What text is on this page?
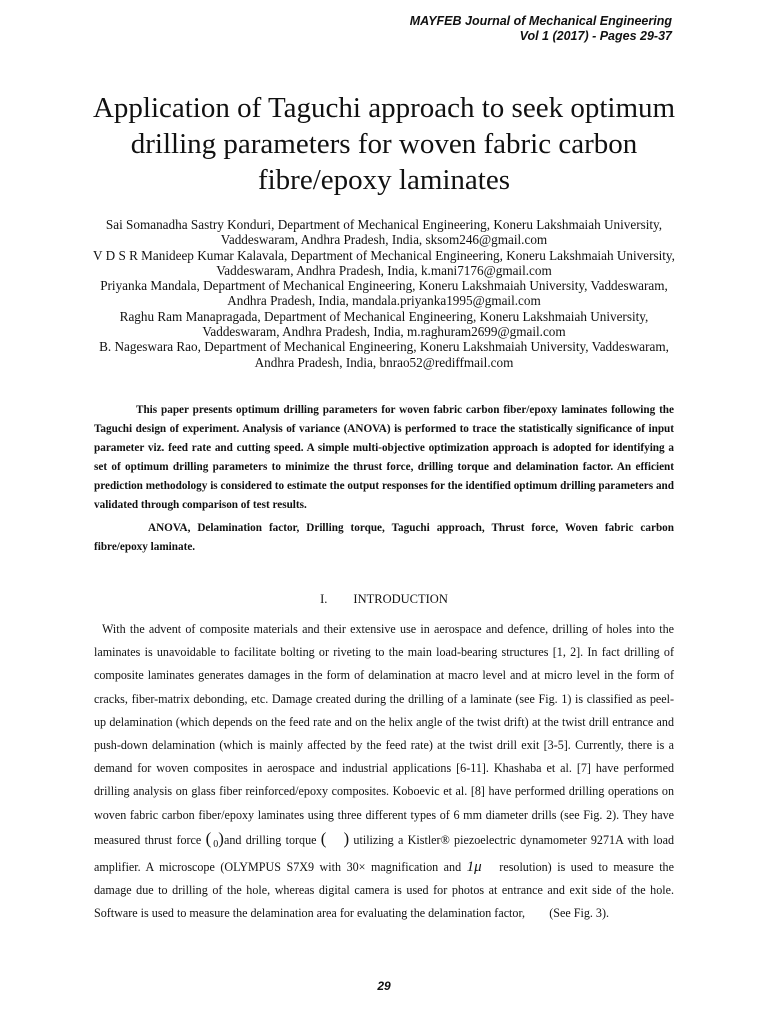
MAYFEB Journal of Mechanical Engineering
Vol 1 (2017) - Pages 29-37
Application of Taguchi approach to seek optimum drilling parameters for woven fabric carbon fibre/epoxy laminates
Sai Somanadha Sastry Konduri, Department of Mechanical Engineering, Koneru Lakshmaiah University, Vaddeswaram, Andhra Pradesh, India, sksom246@gmail.com
V D S R Manideep Kumar Kalavala, Department of Mechanical Engineering, Koneru Lakshmaiah University, Vaddeswaram, Andhra Pradesh, India, k.mani7176@gmail.com
Priyanka Mandala, Department of Mechanical Engineering, Koneru Lakshmaiah University, Vaddeswaram, Andhra Pradesh, India, mandala.priyanka1995@gmail.com
Raghu Ram Manapragada, Department of Mechanical Engineering, Koneru Lakshmaiah University, Vaddeswaram, Andhra Pradesh, India, m.raghuram2699@gmail.com
B. Nageswara Rao, Department of Mechanical Engineering, Koneru Lakshmaiah University, Vaddeswaram, Andhra Pradesh, India, bnrao52@rediffmail.com

This paper presents optimum drilling parameters for woven fabric carbon fiber/epoxy laminates following the Taguchi design of experiment. Analysis of variance (ANOVA) is performed to trace the statistically significance of input parameter viz. feed rate and cutting speed. A simple multi-objective optimization approach is adopted for identifying a set of optimum drilling parameters to minimize the thrust force, drilling torque and delamination factor. An efficient prediction methodology is considered to estimate the output responses for the identified optimum drilling parameters and validated through comparison of test results.

ANOVA, Delamination factor, Drilling torque, Taguchi approach, Thrust force, Woven fabric carbon fibre/epoxy laminate.

I. INTRODUCTION

With the advent of composite materials and their extensive use in aerospace and defence, drilling of holes into the laminates is unavoidable to facilitate bolting or riveting to the main load-bearing structures [1, 2]. In fact drilling of composite laminates generates damages in the form of delamination at macro level and at micro level in the form of cracks, fiber-matrix debonding, etc. Damage created during the drilling of a laminate (see Fig. 1) is classified as peel-up delamination (which depends on the feed rate and on the helix angle of the twist drift) at the twist drill entrance and push-down delamination (which is mainly affected by the feed rate) at the twist drill exit [3-5]. Currently, there is a demand for woven composites in aerospace and industrial applications [6-11]. Khashaba et al. [7] have performed drilling analysis on glass fiber reinforced/epoxy composites. Koboevic et al. [8] have performed drilling operations on woven fabric carbon fiber/epoxy laminates using three different types of 6 mm diameter drills (see Fig. 2). They have measured thrust force ( $_0$)and drilling torque (  ) utilizing a Kistler® piezoelectric dynamometer 9271A with load amplifier. A microscope (OLYMPUS S7X9 with 30× magnification and 1μ  resolution) is used to measure the damage due to drilling of the hole, whereas digital camera is used for photos at entrance and exit side of the hole. Software is used to measure the delamination area for evaluating the delamination factor,    (See Fig. 3).

29
